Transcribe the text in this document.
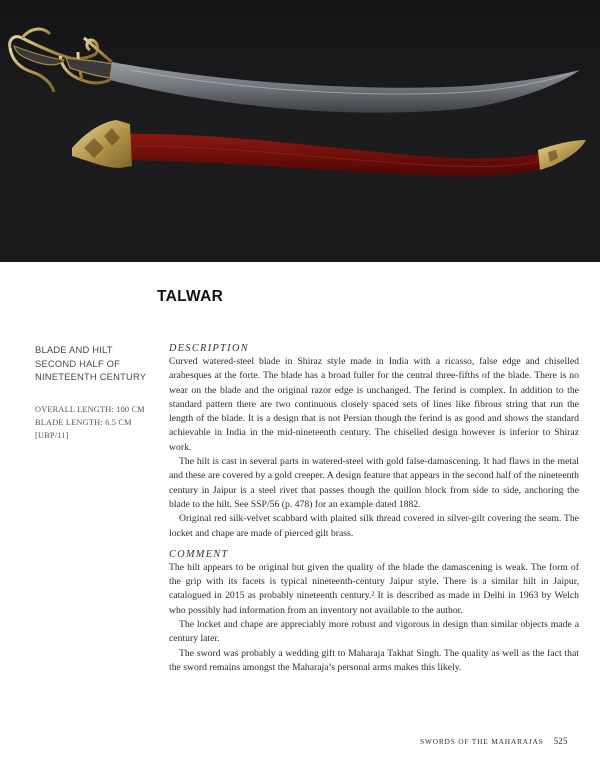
TALWAR
BLADE AND HILT
SECOND HALF OF
NINETEENTH CENTURY
OVERALL LENGTH: 100 CM
BLADE LENGTH: 6.5 CM
[UBP/11]
DESCRIPTION

Curved watered-steel blade in Shiraz style made in India with a ricasso, false edge and chiselled arabesques at the forte. The blade has a broad fuller for the central three-fifths of the blade. There is no wear on the blade and the original razor edge is unchanged. The ferind is complex. In addition to the standard pattern there are two continuous closely spaced sets of lines like fibrous string that run the length of the blade. It is a design that is not Persian though the ferind is as good and shows the standard achievable in India in the mid-nineteenth century. The chiselled design however is inferior to Shiraz work.

The hilt is cast in several parts in watered-steel with gold false-damascening. It had flaws in the metal and these are covered by a gold creeper. A design feature that appears in the second half of the nineteenth century in Jaipur is a steel rivet that passes though the quillon block from side to side, anchoring the blade to the hilt. See SSP/56 (p. 478) for an example dated 1882.

Original red silk-velvet scabbard with plaited silk thread covered in silver-gilt covering the seam. The locket and chape are made of pierced gilt brass.

COMMENT

The hilt appears to be original but given the quality of the blade the damascening is weak. The form of the grip with its facets is typical nineteenth-century Jaipur style. There is a similar hilt in Jaipur, catalogued in 2015 as probably nineteenth century.² It is described as made in Delhi in 1963 by Welch who possibly had information from an inventory not available to the author.

The locket and chape are appreciably more robust and vigorous in design than similar objects made a century later.

The sword was probably a wedding gift to Maharaja Takhat Singh. The quality as well as the fact that the sword remains amongst the Maharaja’s personal arms makes this likely.

SWORDS OF THE MAHARAJAS 525
